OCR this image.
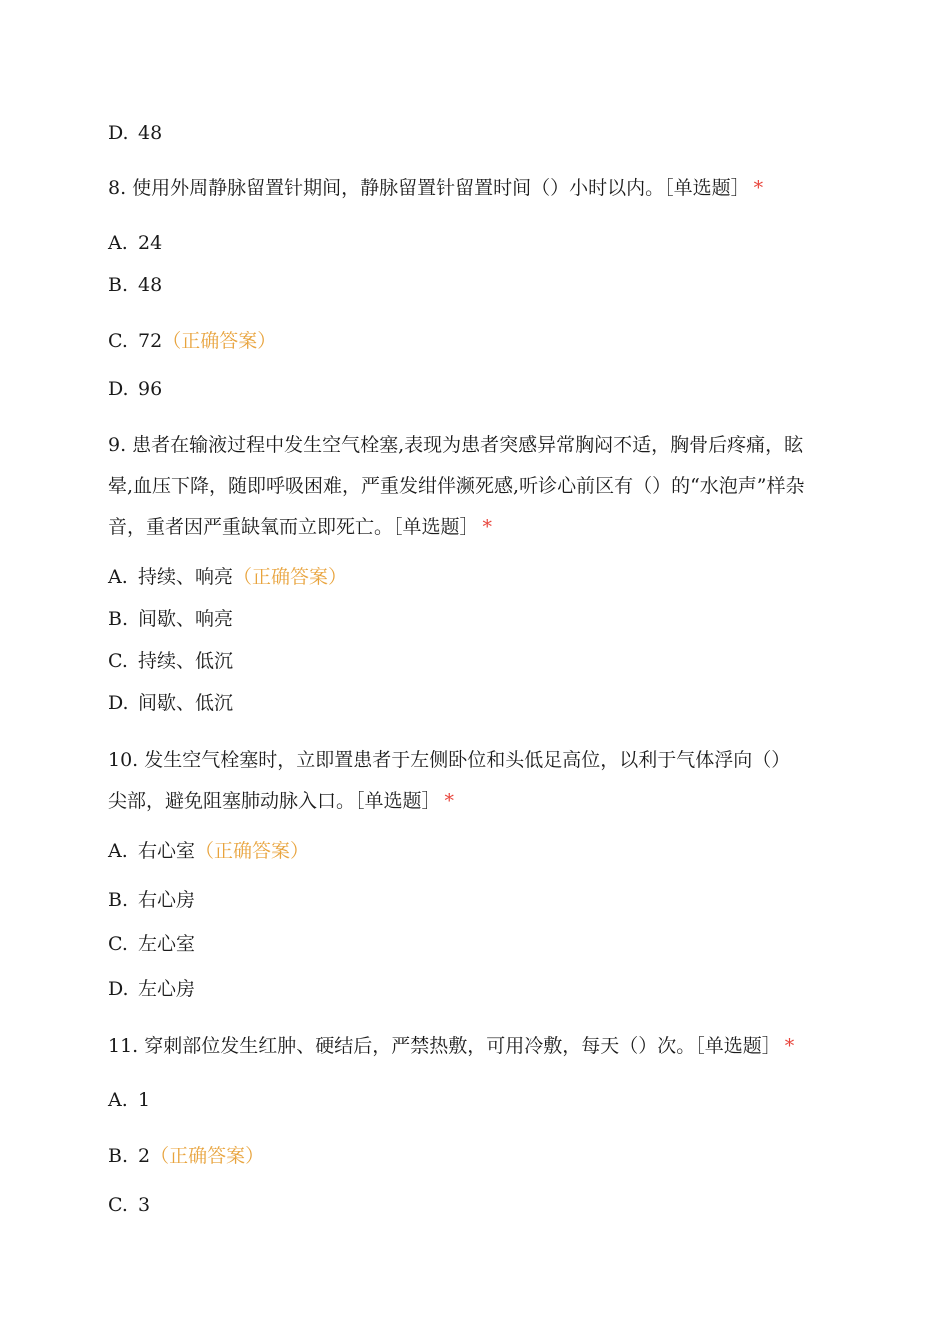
D. 48
8. 使用外周静脉留置针期间，静脉留置针留置时间（）小时以内。［单选题］ *
A. 24
B. 48
C. 72（正确答案）
D. 96
9. 患者在输液过程中发生空气栓塞,表现为患者突感异常胸闷不适，胸骨后疼痛，眩
晕,血压下降，随即呼吸困难，严重发绀伴濒死感,听诊心前区有（）的“水泡声”样杂
音，重者因严重缺氧而立即死亡。［单选题］ *
A. 持续、响亮（正确答案）
B. 间歇、响亮
C. 持续、低沉
D. 间歇、低沉
10. 发生空气栓塞时，立即置患者于左侧卧位和头低足高位，以利于气体浮向（）
尖部，避免阻塞肺动脉入口。［单选题］ *
A. 右心室（正确答案）
B. 右心房
C. 左心室
D. 左心房
11. 穿刺部位发生红肿、硬结后，严禁热敷，可用冷敷，每天（）次。［单选题］ *
A. 1
B. 2（正确答案）
C. 3
